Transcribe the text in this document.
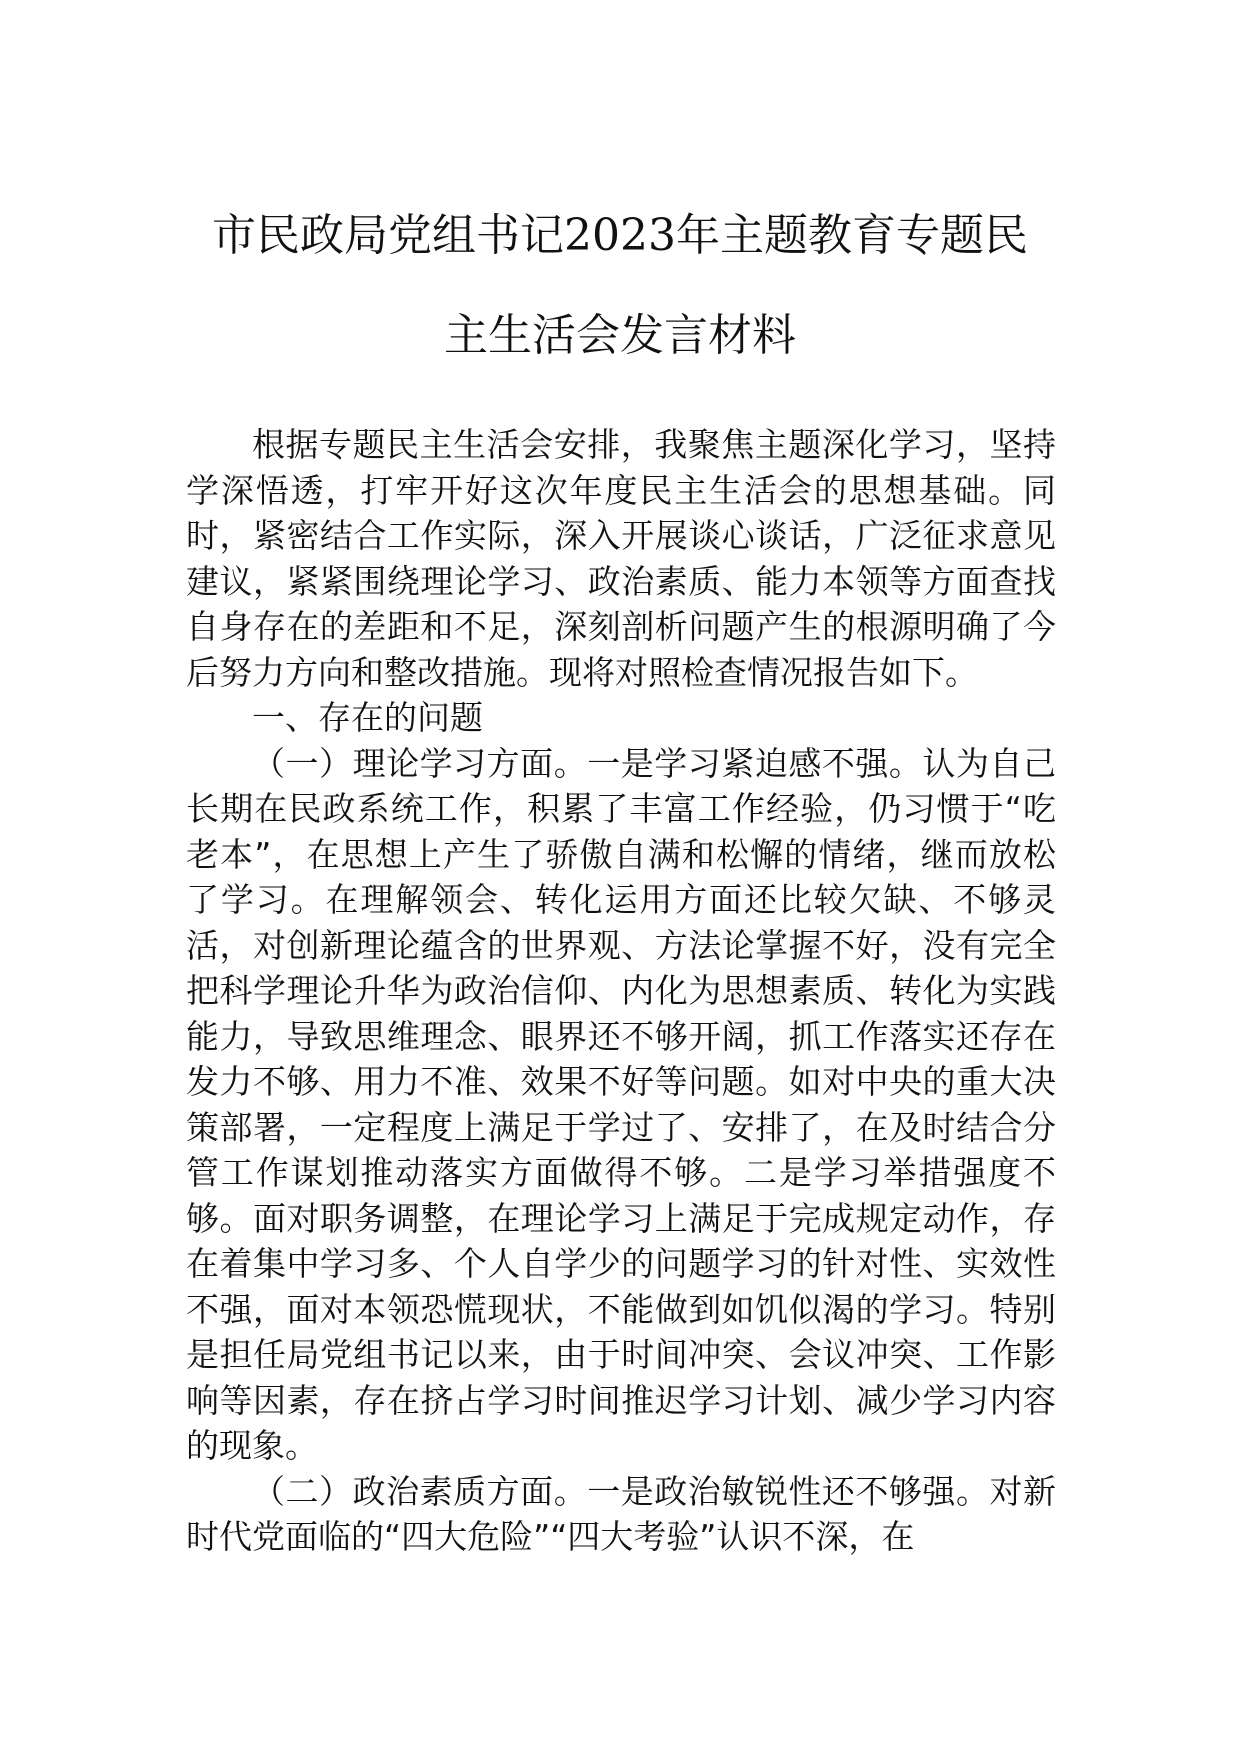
市民政局党组书记2023年主题教育专题民
主生活会发言材料

根据专题民主生活会安排，我聚焦主题深化学习，坚持学深悟透，打牢开好这次年度民主生活会的思想基础。同时，紧密结合工作实际，深入开展谈心谈话，广泛征求意见建议，紧紧围绕理论学习、政治素质、能力本领等方面查找自身存在的差距和不足，深刻剖析问题产生的根源明确了今后努力方向和整改措施。现将对照检查情况报告如下。

一、存在的问题

（一）理论学习方面。一是学习紧迫感不强。认为自己长期在民政系统工作，积累了丰富工作经验，仍习惯于“吃老本”，在思想上产生了骄傲自满和松懈的情绪，继而放松了学习。在理解领会、转化运用方面还比较欠缺、不够灵活，对创新理论蕴含的世界观、方法论掌握不好，没有完全把科学理论升华为政治信仰、内化为思想素质、转化为实践能力，导致思维理念、眼界还不够开阔，抓工作落实还存在发力不够、用力不准、效果不好等问题。如对中央的重大决策部署，一定程度上满足于学过了、安排了，在及时结合分管工作谋划推动落实方面做得不够。二是学习举措强度不够。面对职务调整，在理论学习上满足于完成规定动作，存在着集中学习多、个人自学少的问题学习的针对性、实效性不强，面对本领恐慌现状，不能做到如饥似渴的学习。特别是担任局党组书记以来，由于时间冲突、会议冲突、工作影响等因素，存在挤占学习时间推迟学习计划、减少学习内容的现象。

（二）政治素质方面。一是政治敏锐性还不够强。对新时代党面临的“四大危险”“四大考验”认识不深，在
